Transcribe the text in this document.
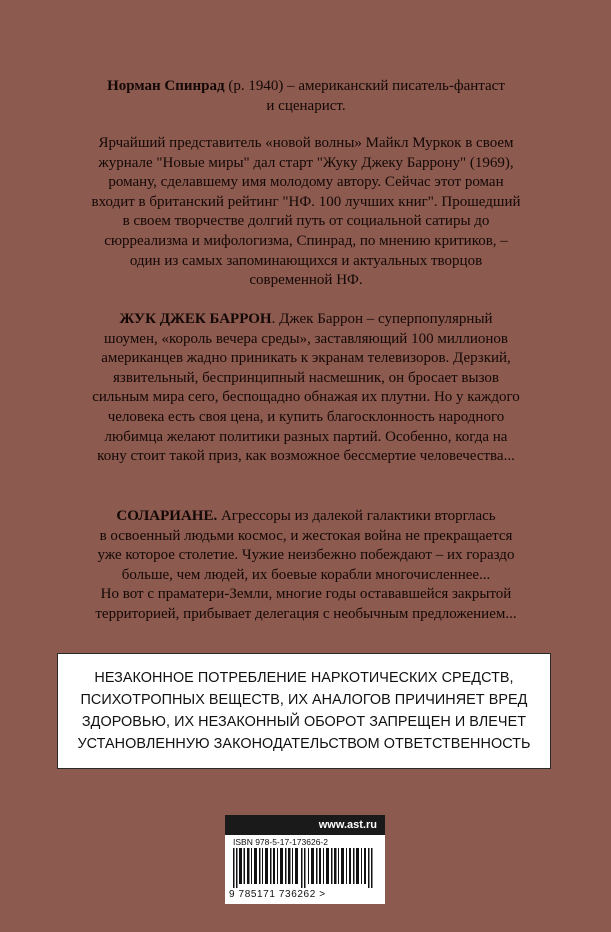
Норман Спинрад (р. 1940) – американский писатель-фантаст

и сценарист.

Ярчайший представитель «новой волны» Майкл Муркок в своем

журнале "Новые миры" дал старт "Жуку Джеку Баррону" (1969),

роману, сделавшему имя молодому автору. Сейчас этот роман

входит в британский рейтинг "НФ. 100 лучших книг". Прошедший

в своем творчестве долгий путь от социальной сатиры до

сюрреализма и мифологизма, Спинрад, по мнению критиков, –

один из самых запоминающихся и актуальных творцов

современной НФ.

ЖУК ДЖЕК БАРРОН. Джек Баррон – суперпопулярный

шоумен, «король вечера среды», заставляющий 100 миллионов

американцев жадно приникать к экранам телевизоров. Дерзкий,

язвительный, беспринципный насмешник, он бросает вызов

сильным мира сего, беспощадно обнажая их плутни. Но у каждого

человека есть своя цена, и купить благосклонность народного

любимца желают политики разных партий. Особенно, когда на

кону стоит такой приз, как возможное бессмертие человечества...

СОЛАРИАНЕ. Агрессоры из далекой галактики вторглась

в освоенный людьми космос, и жестокая война не прекращается

уже которое столетие. Чужие неизбежно побеждают – их гораздо

больше, чем людей, их боевые корабли многочисленнее...

Но вот с праматери-Земли, многие годы остававшейся закрытой

территорией, прибывает делегация с необычным предложением...

НЕЗАКОННОЕ ПОТРЕБЛЕНИЕ НАРКОТИЧЕСКИХ СРЕДСТВ,
ПСИХОТРОПНЫХ ВЕЩЕСТВ, ИХ АНАЛОГОВ ПРИЧИНЯЕТ ВРЕД
ЗДОРОВЬЮ, ИХ НЕЗАКОННЫЙ ОБОРОТ ЗАПРЕЩЕН И ВЛЕЧЕТ
УСТАНОВЛЕННУЮ ЗАКОНОДАТЕЛЬСТВОМ ОТВЕТСТВЕННОСТЬ
www.ast.ru
ISBN 978-5-17-173626-2
9 785171 736262 >
